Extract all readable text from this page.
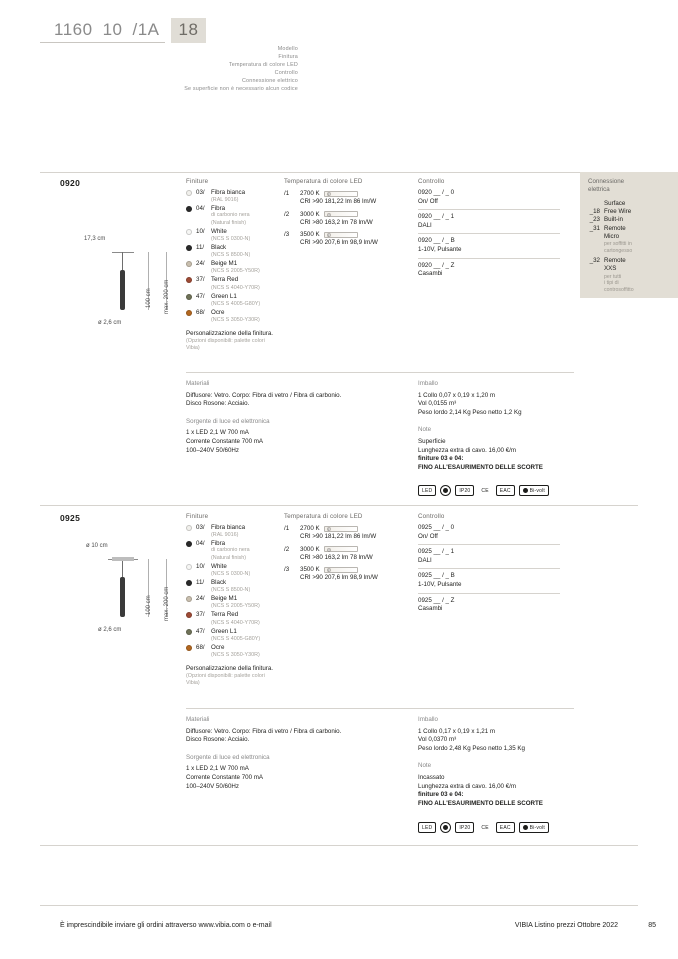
1160 10 /1A	18
Modello
Finitura
Temperatura di colore LED
Controllo
Connessione elettrico
Se superficie non è necessario alcun codice
0920
17,3 cm
100 cm max. 200 cm
ø 2,6 cm
Finiture
03/	Fibra bianca
(RAL 9016)
04/	Fibra
di carbonio nera
(Natural finish)
10/	White
(NCS S 0300-N)
11/	Black
(NCS S 8500-N)
24/	Beige M1
(NCS S 2005-Y50R)
37/	Terra Red
(NCS S 4040-Y70R)
47/	Green L1
(NCS S 4005-G80Y)
68/	Ocre
(NCS S 3050-Y30R)
Personalizzazione della finitura.
(Opzioni disponibili: palette colori Vibia)
Temperatura di colore LED
/1	2700 K F
CRI >90 181,22 lm 86 lm/W
/2	3000 K G
CRI >80 163,2 lm 78 lm/W
/3	3500 K F
CRI >90 207,6 lm 98,9 lm/W
Controllo
0920 __ / _ 0
On/ Off
0920 __ / _ 1
DALI
0920 __ / _ B
1-10V, Pulsante
0920 __ / _ Z
Casambi
Materiali
Diffusore: Vetro. Corpo: Fibra di vetro / Fibra di carbonio.
Disco Rosone: Acciaio.
Sorgente di luce ed elettronica
1 x LED 2,1 W 700 mA
Corrente Constante 700 mA
100–240V 50/60Hz
Imballo
1 Collo 0,07 x 0,19 x 1,20 m
Vol 0,0155 m³
Peso lordo 2,14 Kg Peso netto 1,2 Kg
Note
Superficie
Lunghezza extra di cavo. 16,00 €/m
finiture 03 e 04:
FINO ALL'ESAURIMENTO DELLE SCORTE
LED	IP20	CE	EAC	Bi-volt
0925
ø 10 cm
100 cm max. 200 cm
ø 2,6 cm
Finiture
03/	Fibra bianca
(RAL 9016)
04/	Fibra
di carbonio nera
(Natural finish)
10/	White
(NCS S 0300-N)
11/	Black
(NCS S 8500-N)
24/	Beige M1
(NCS S 2005-Y50R)
37/	Terra Red
(NCS S 4040-Y70R)
47/	Green L1
(NCS S 4005-G80Y)
68/	Ocre
(NCS S 3050-Y30R)
Personalizzazione della finitura.
(Opzioni disponibili: palette colori Vibia)
Temperatura di colore LED
/1	2700 K F
CRI >90 181,22 lm 86 lm/W
/2	3000 K G
CRI >80 163,2 lm 78 lm/W
/3	3500 K F
CRI >90 207,6 lm 98,9 lm/W
Controllo
0925 __ / _ 0
On/ Off
0925 __ / _ 1
DALI
0925 __ / _ B
1-10V, Pulsante
0925 __ / _ Z
Casambi
Materiali
Diffusore: Vetro. Corpo: Fibra di vetro / Fibra di carbonio.
Disco Rosone: Acciaio.
Sorgente di luce ed elettronica
1 x LED 2,1 W 700 mA
Corrente Constante 700 mA
100–240V 50/60Hz
Imballo
1 Collo 0,17 x 0,19 x 1,21 m
Vol 0,0370 m³
Peso lordo 2,48 Kg Peso netto 1,35 Kg
Note
Incassato
Lunghezza extra di cavo. 16,00 €/m
finiture 03 e 04:
FINO ALL'ESAURIMENTO DELLE SCORTE
LED	IP20	CE	EAC	Bi-volt
Connessione
elettrica
Surface
_18 Free Wire
_23 Built-in
_31 Remote
Micro
per soffitti in
cartongesso
_32 Remote
XXS
per tutti
i tipi di
controsoffitto
È imprescindibile inviare gli ordini attraverso www.vibia.com o e-mail	VIBIA Listino prezzi Ottobre 2022	85
